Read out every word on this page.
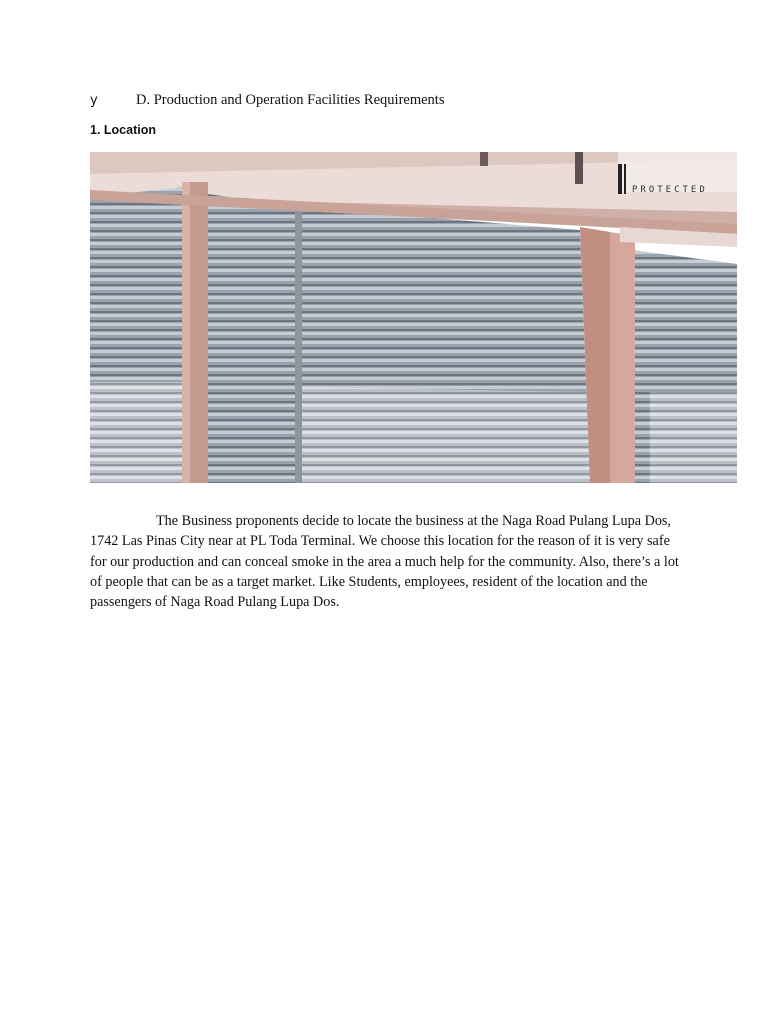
y	D. Production and Operation Facilities Requirements
1. Location
PROTECTED
The Business proponents decide to locate the business at the Naga Road Pulang Lupa Dos, 1742 Las Pinas City near at PL Toda Terminal. We choose this location for the reason of it is very safe for our production and can conceal smoke in the area a much help for the community. Also, there’s a lot of people that can be as a target market. Like Students, employees, resident of the location and the passengers of Naga Road Pulang Lupa Dos.
